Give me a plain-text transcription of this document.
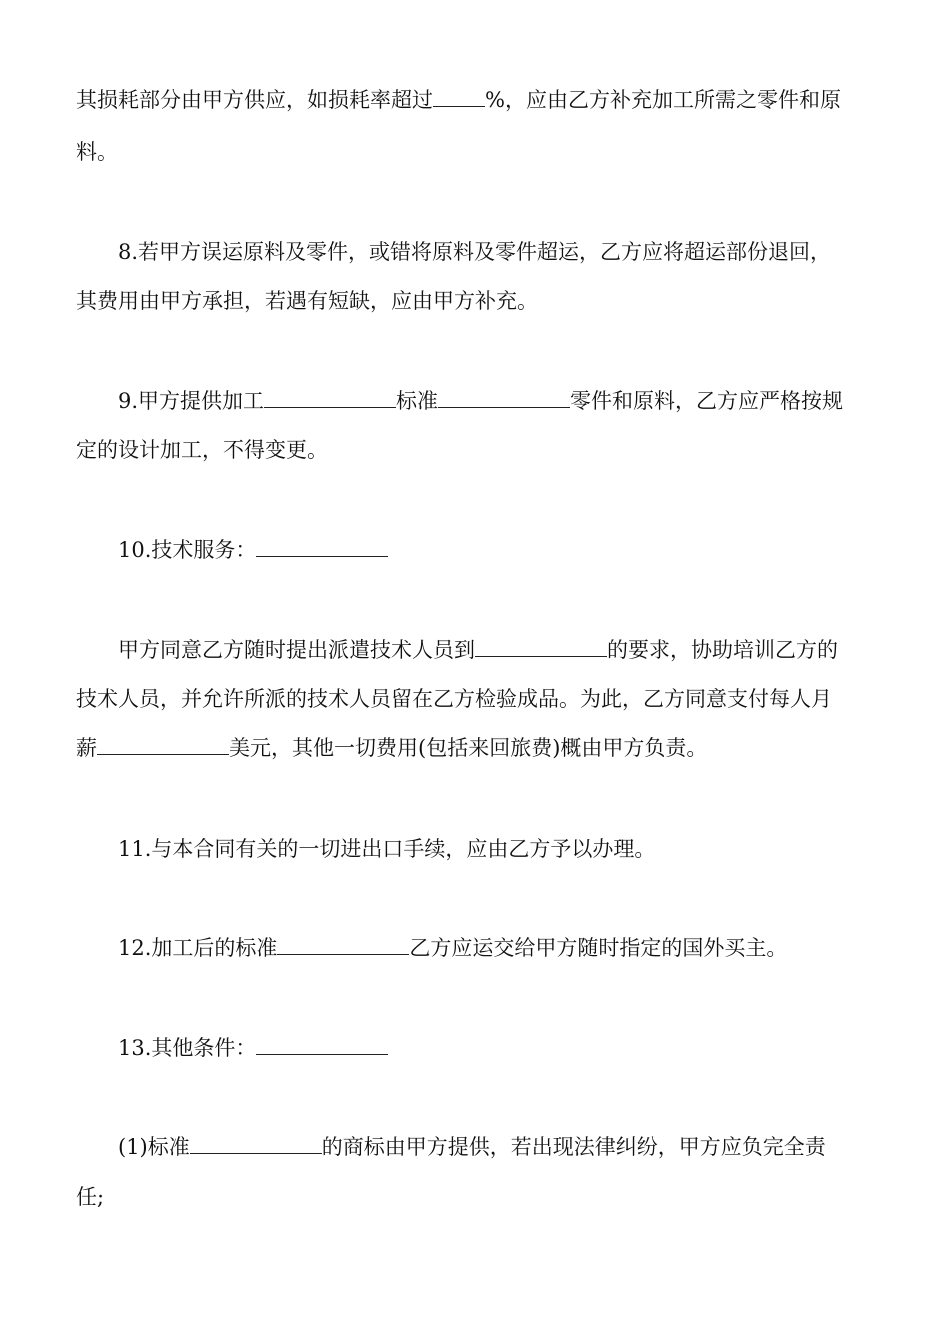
其损耗部分由甲方供应，如损耗率超过 %，应由乙方补充加工所需之零件和原
料。
8.若甲方误运原料及零件，或错将原料及零件超运，乙方应将超运部份退回，
其费用由甲方承担，若遇有短缺，应由甲方补充。
9.甲方提供加工	标准	零件和原料，乙方应严格按规
定的设计加工，不得变更。
10.技术服务：
甲方同意乙方随时提出派遣技术人员到	的要求，协助培训乙方的
技术人员，并允许所派的技术人员留在乙方检验成品。为此，乙方同意支付每人月
薪	美元，其他一切费用(包括来回旅费)概由甲方负责。
11.与本合同有关的一切进出口手续，应由乙方予以办理。
12.加工后的标准	乙方应运交给甲方随时指定的国外买主。
13.其他条件：
(1)标准	的商标由甲方提供，若出现法律纠纷，甲方应负完全责
任;
